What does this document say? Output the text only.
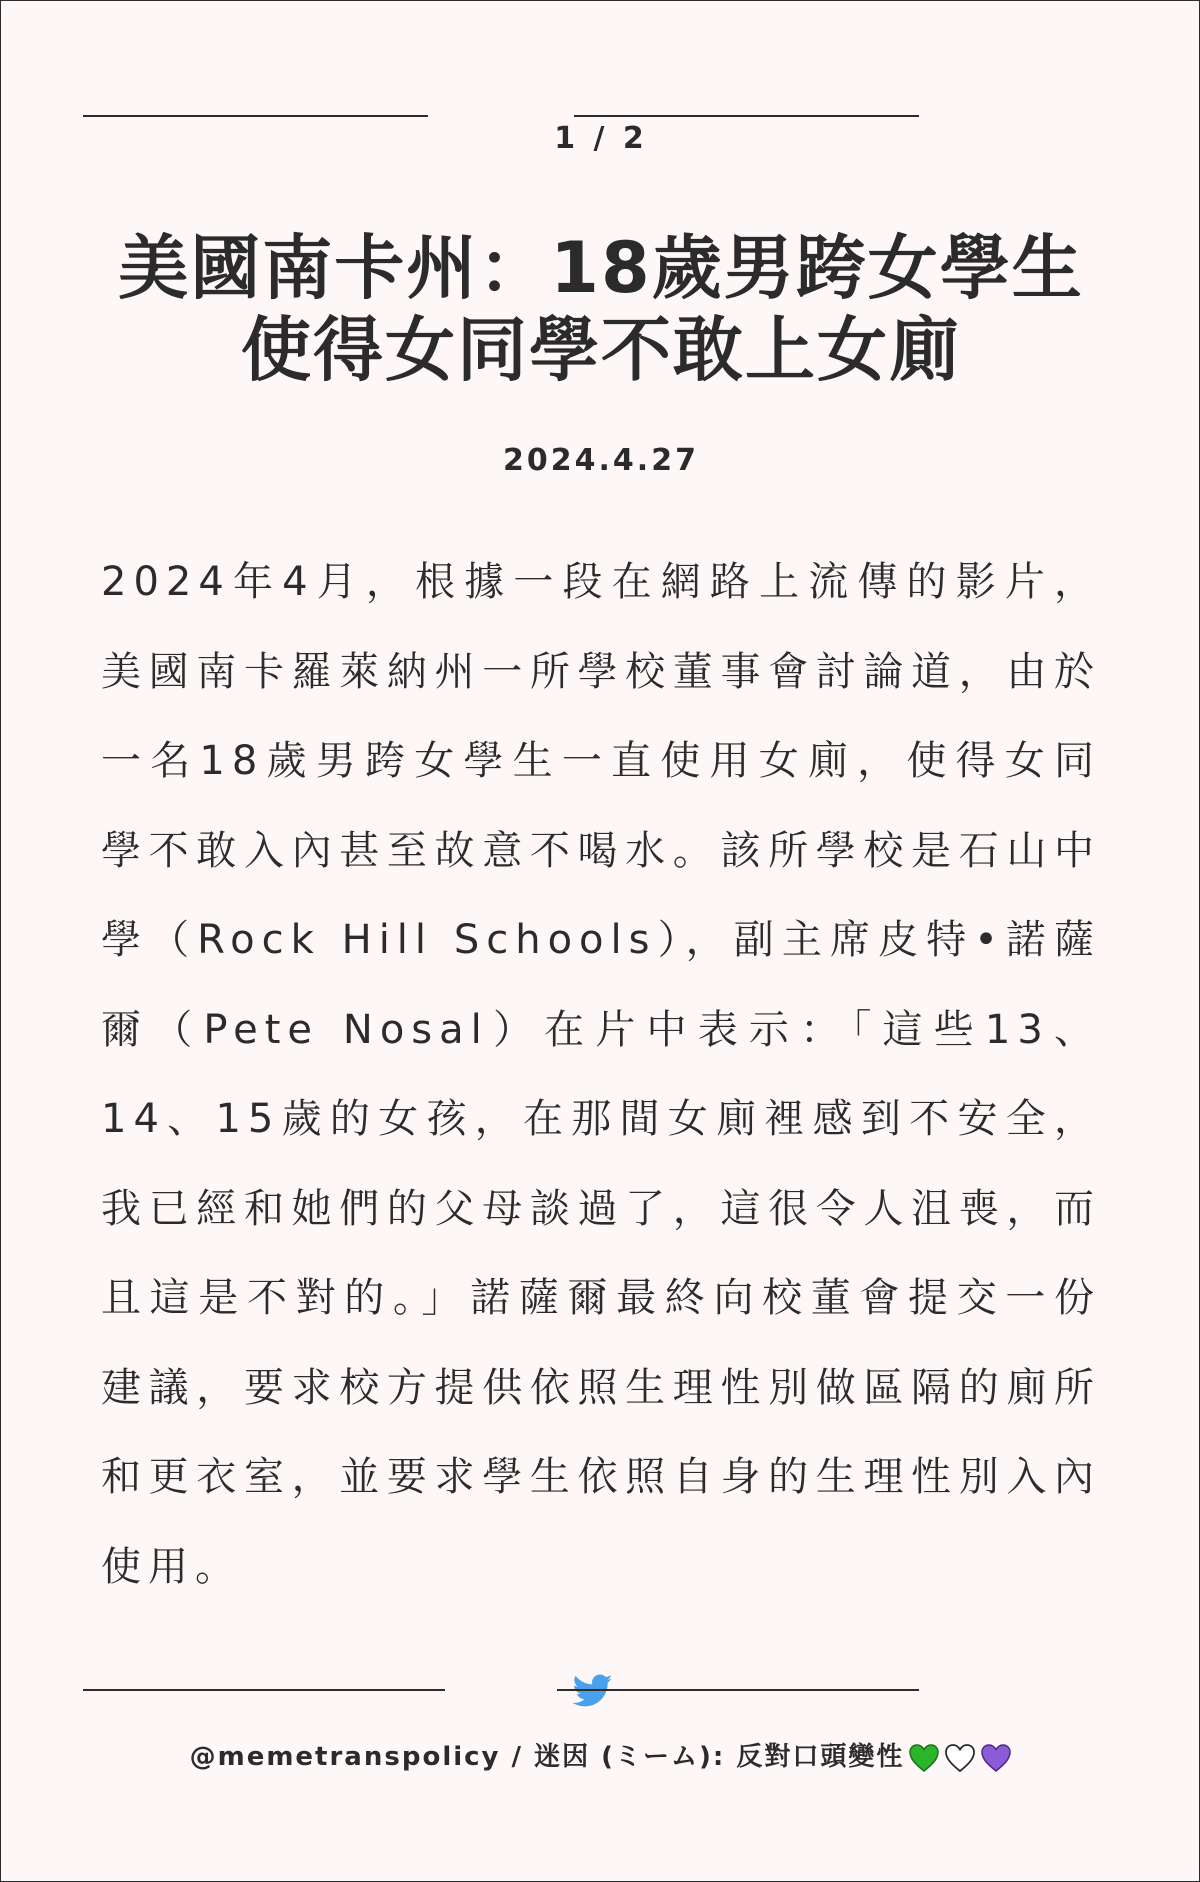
1 / 2
美國南卡州：18歲男跨女學生使得女同學不敢上女廁
2024.4.27
2024年4月，根據一段在網路上流傳的影片，美國南卡羅萊納州一所學校董事會討論道，由於一名18歲男跨女學生一直使用女廁，使得女同學不敢入內甚至故意不喝水。該所學校是石山中學（Rock Hill Schools），副主席皮特•諾薩爾（Pete Nosal）在片中表示：「這些13、14、15歲的女孩，在那間女廁裡感到不安全，我已經和她們的父母談過了，這很令人沮喪，而且這是不對的。」諾薩爾最終向校董會提交一份建議，要求校方提供依照生理性別做區隔的廁所和更衣室，並要求學生依照自身的生理性別入內使用。
@memetranspolicy / 迷因 (ミーム): 反對口頭變性
